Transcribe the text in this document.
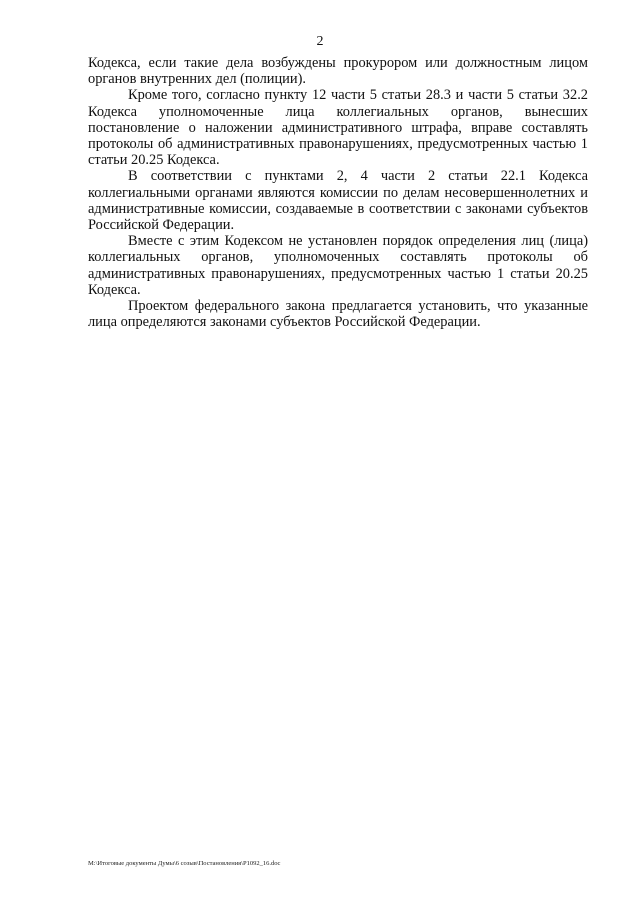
2

Кодекса, если такие дела возбуждены прокурором или должностным лицом органов внутренних дел (полиции).

Кроме того, согласно пункту 12 части 5 статьи 28.3 и части 5 статьи 32.2 Кодекса уполномоченные лица коллегиальных органов, вынесших постановление о наложении административного штрафа, вправе составлять протоколы об административных правонарушениях, предусмотренных частью 1 статьи 20.25 Кодекса.

В соответствии с пунктами 2, 4 части 2 статьи 22.1 Кодекса коллегиальными органами являются комиссии по делам несовершеннолетних и административные комиссии, создаваемые в соответствии с законами субъектов Российской Федерации.

Вместе с этим Кодексом не установлен порядок определения лиц (лица) коллегиальных органов, уполномоченных составлять протоколы об административных правонарушениях, предусмотренных частью 1 статьи 20.25 Кодекса.

Проектом федерального закона предлагается установить, что указанные лица определяются законами субъектов Российской Федерации.

M:\Итоговые документы Думы\6 созыв\Постановления\Р1092_16.doc
